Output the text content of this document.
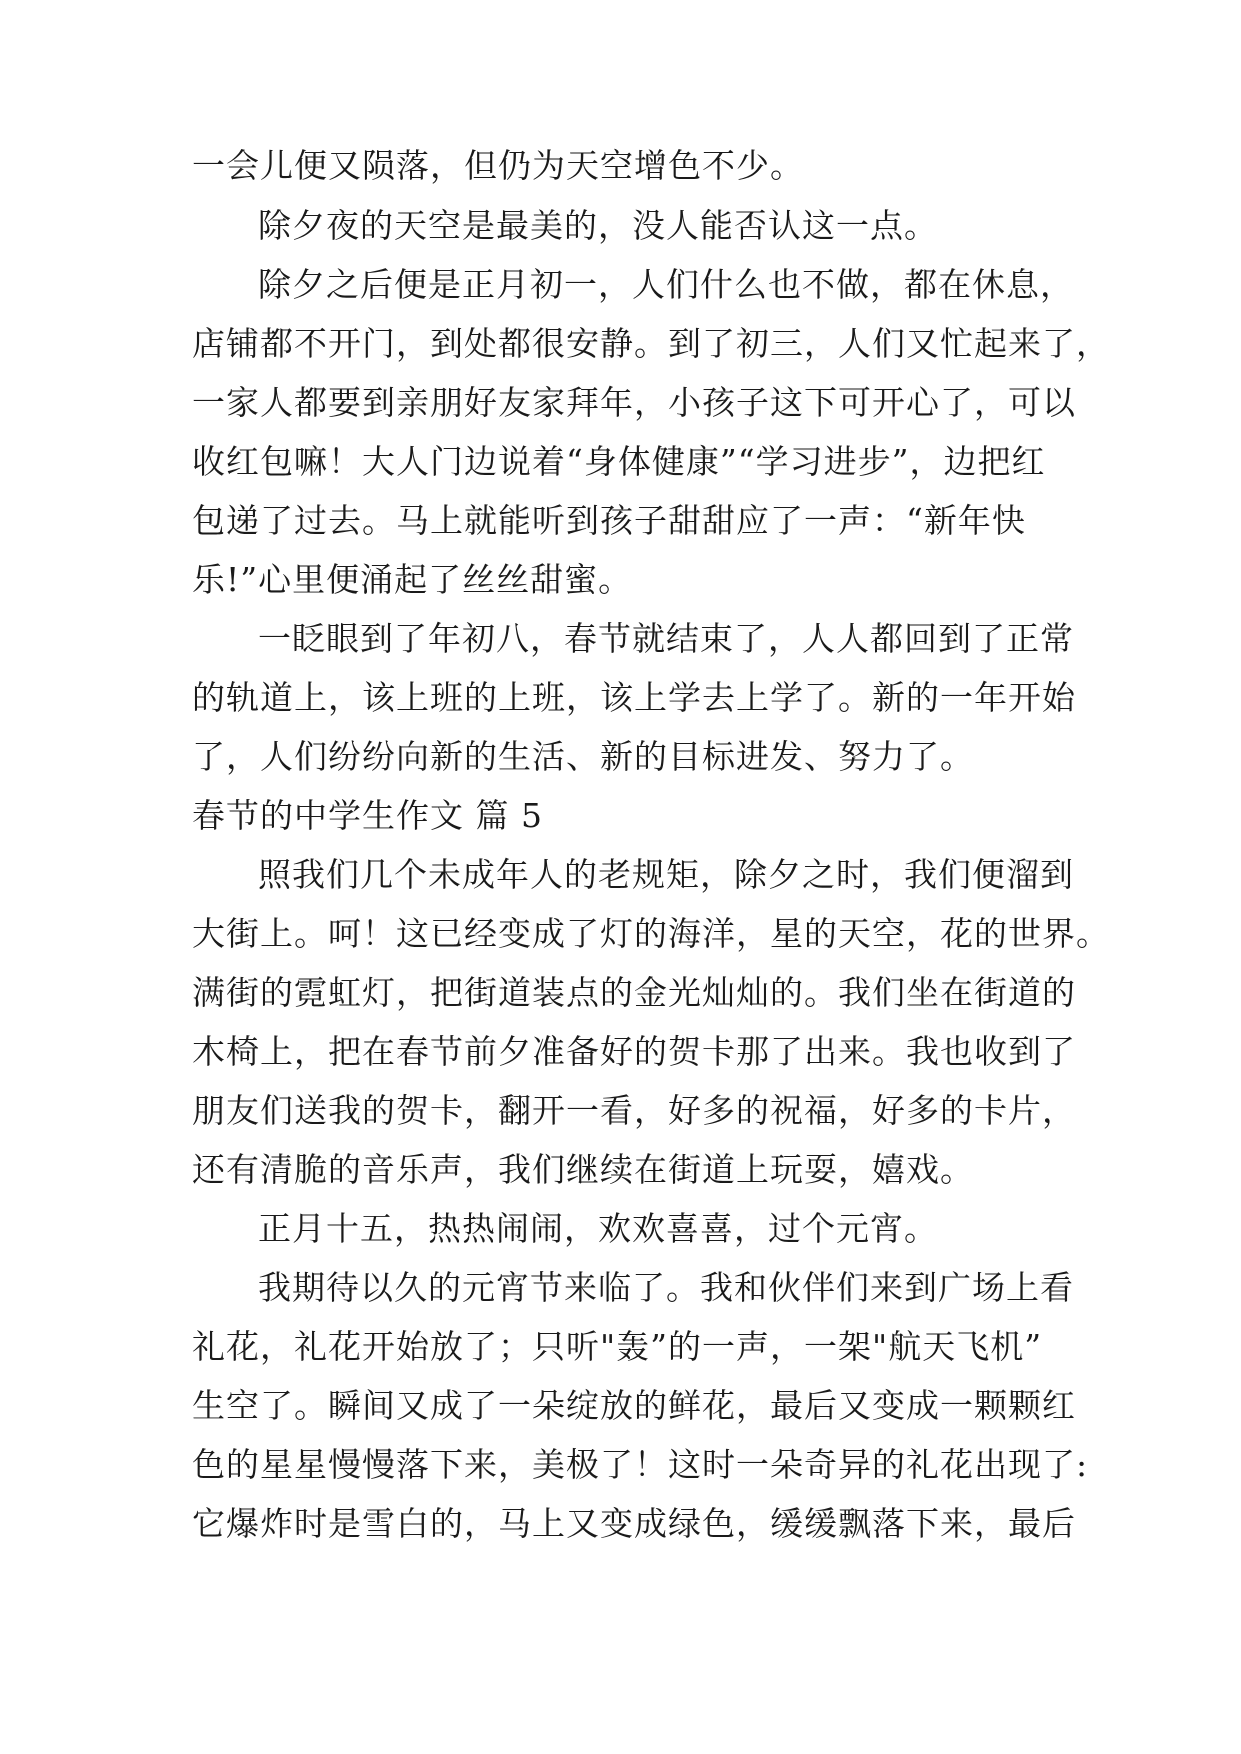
一会儿便又陨落，但仍为天空增色不少。
除夕夜的天空是最美的，没人能否认这一点。
除夕之后便是正月初一，人们什么也不做，都在休息，
店铺都不开门，到处都很安静。到了初三，人们又忙起来了，
一家人都要到亲朋好友家拜年，小孩子这下可开心了，可以
收红包嘛！大人门边说着“身体健康”“学习进步”，边把红
包递了过去。马上就能听到孩子甜甜应了一声：“新年快
乐!”心里便涌起了丝丝甜蜜。
一眨眼到了年初八，春节就结束了，人人都回到了正常
的轨道上，该上班的上班，该上学去上学了。新的一年开始
了，人们纷纷向新的生活、新的目标进发、努力了。
春节的中学生作文 篇 5
照我们几个未成年人的老规矩，除夕之时，我们便溜到
大街上。呵！这已经变成了灯的海洋，星的天空，花的世界。
满街的霓虹灯，把街道装点的金光灿灿的。我们坐在街道的
木椅上，把在春节前夕准备好的贺卡那了出来。我也收到了
朋友们送我的贺卡，翻开一看，好多的祝福，好多的卡片，
还有清脆的音乐声，我们继续在街道上玩耍，嬉戏。
正月十五，热热闹闹，欢欢喜喜，过个元宵。
我期待以久的元宵节来临了。我和伙伴们来到广场上看
礼花，礼花开始放了；只听"轰”的一声，一架"航天飞机”
生空了。瞬间又成了一朵绽放的鲜花，最后又变成一颗颗红
色的星星慢慢落下来，美极了！这时一朵奇异的礼花出现了:
它爆炸时是雪白的，马上又变成绿色，缓缓飘落下来，最后
